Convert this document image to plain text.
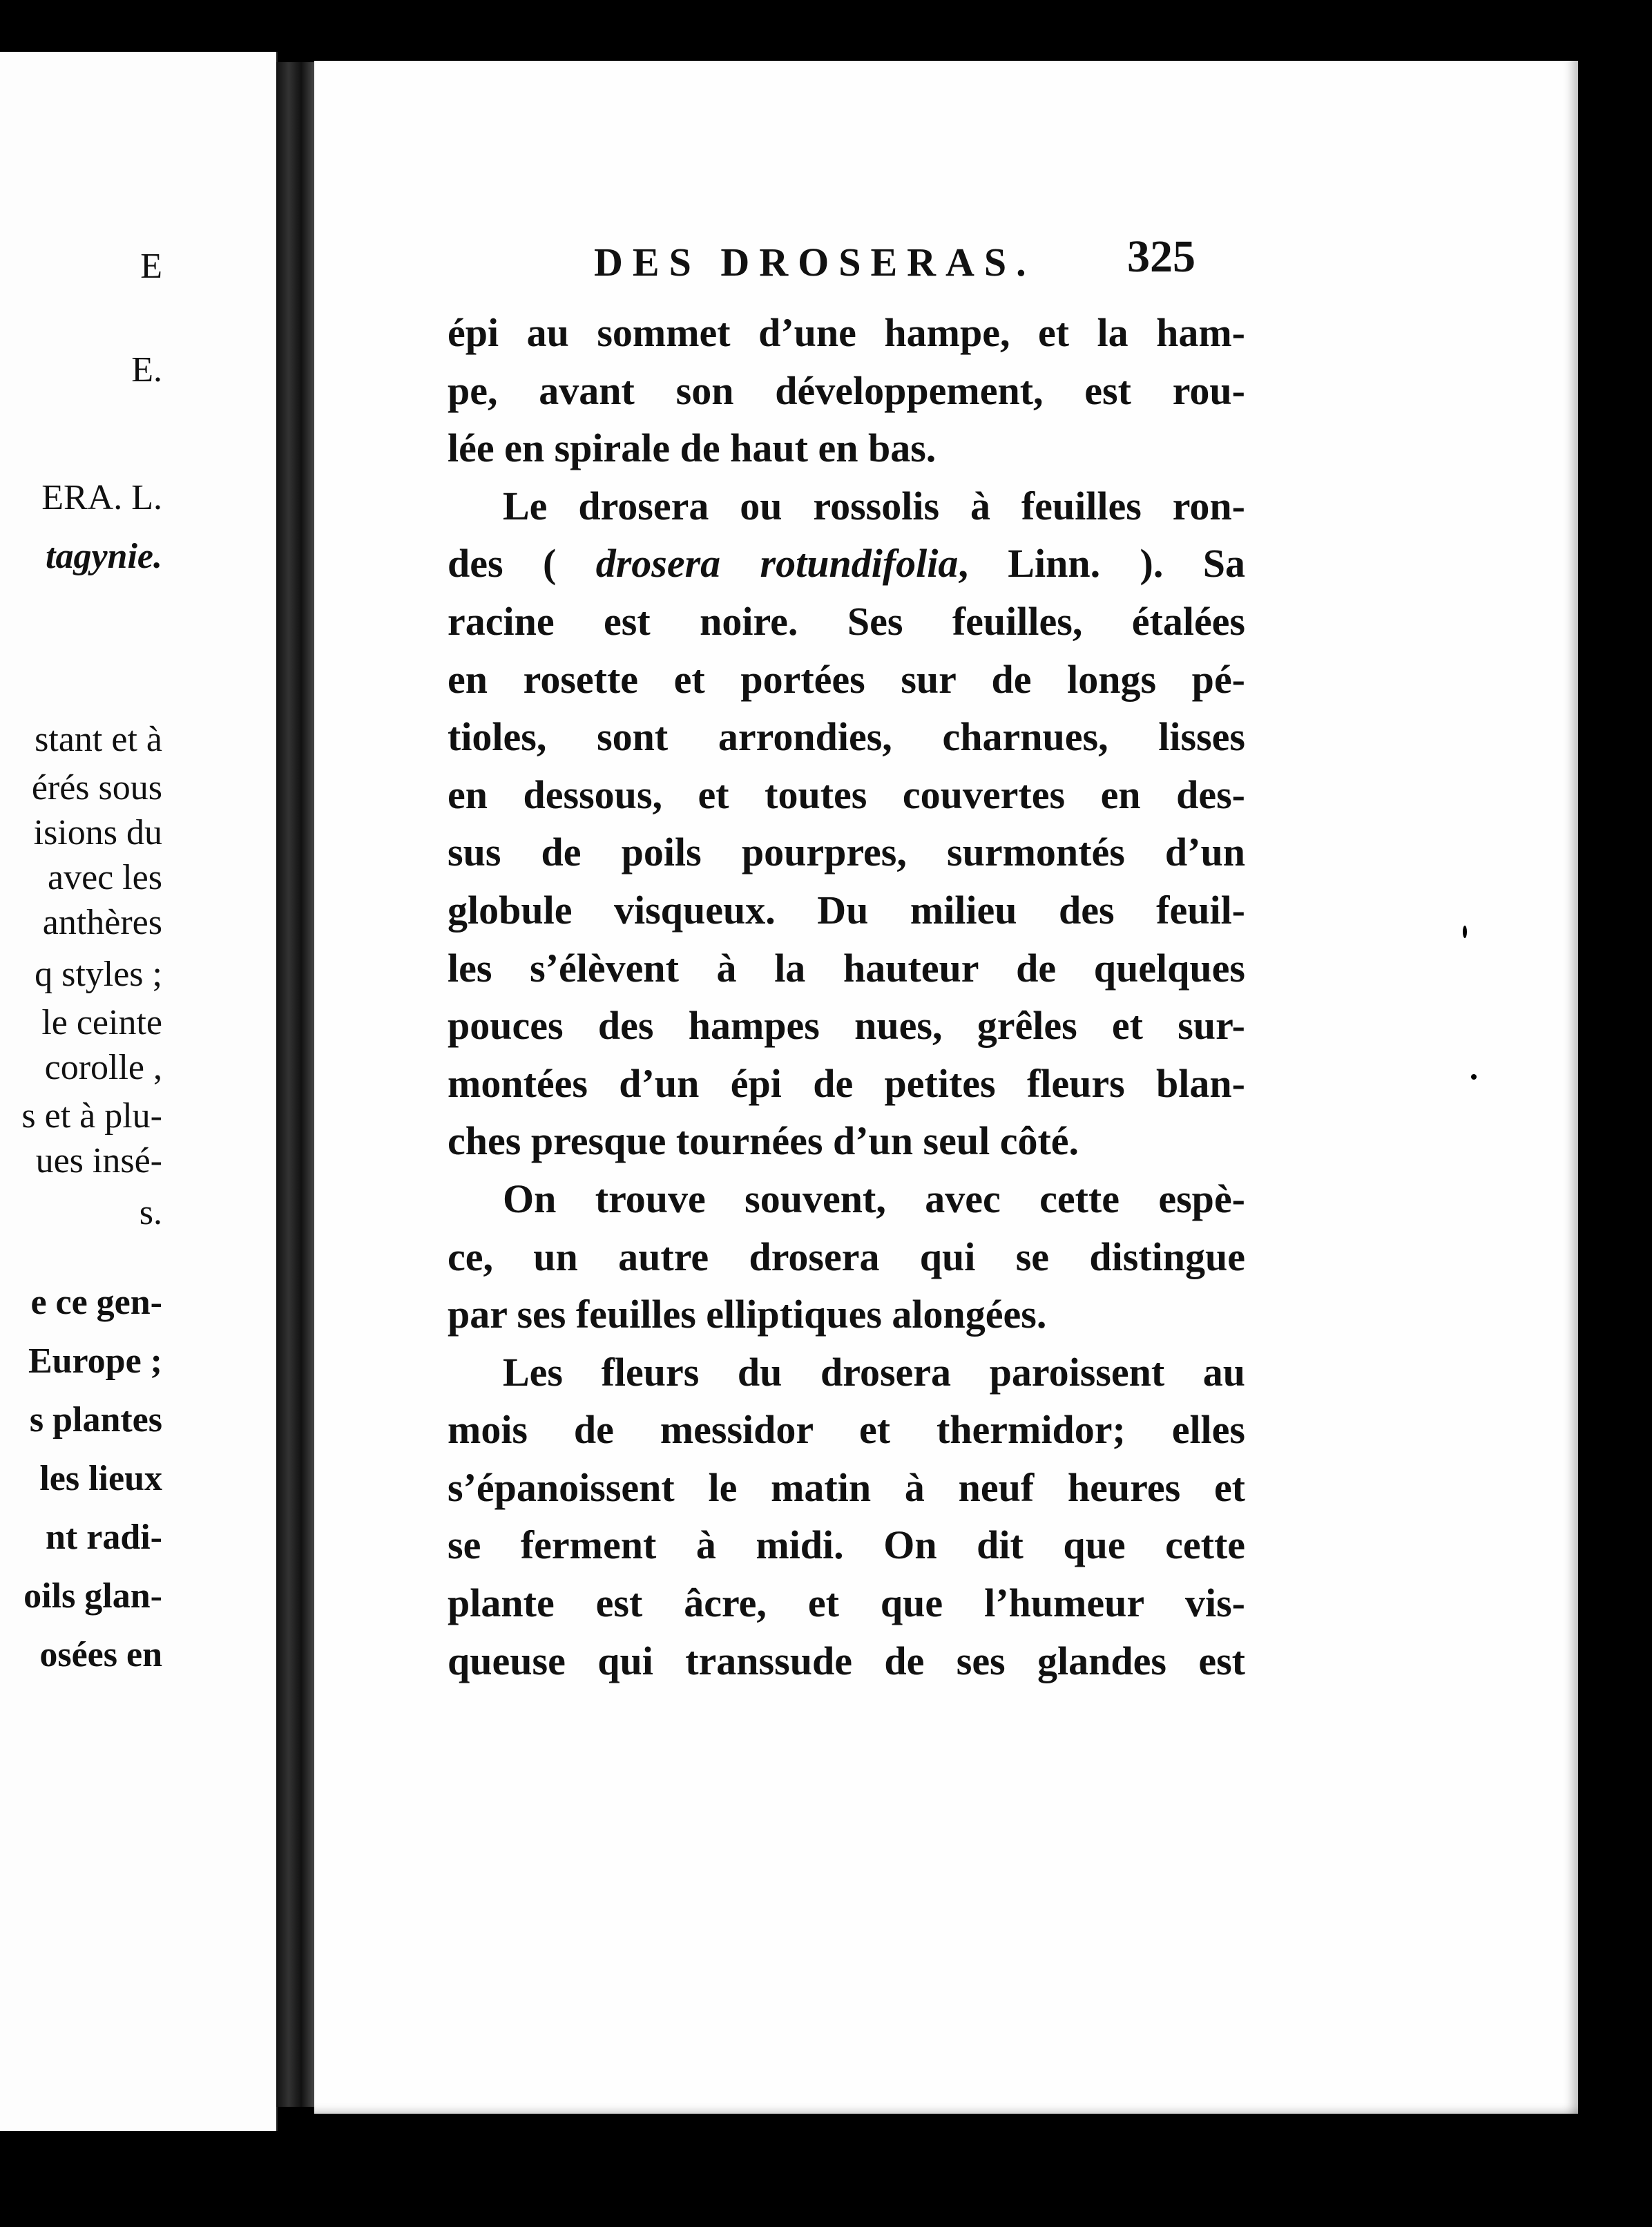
E
E.
ERA. L.
tagynie.
stant et à
érés sous
isions du
avec les
anthères
q styles ;
le ceinte
corolle ,
s et à plu-
ues insé-
s.
e ce gen-
Europe ;
s plantes
les lieux
nt radi-
oils glan-
osées en
DES DROSERAS. 325
épi au sommet d’une hampe, et la ham-
pe, avant son développement, est rou-
lée en spirale de haut en bas.
Le drosera ou rossolis à feuilles ron-
des ( drosera rotundifolia, Linn. ). Sa
racine est noire. Ses feuilles, étalées
en rosette et portées sur de longs pé-
tioles, sont arrondies, charnues, lisses
en dessous, et toutes couvertes en des-
sus de poils pourpres, surmontés d’un
globule visqueux. Du milieu des feuil-
les s’élèvent à la hauteur de quelques
pouces des hampes nues, grêles et sur-
montées d’un épi de petites fleurs blan-
ches presque tournées d’un seul côté.
On trouve souvent, avec cette espè-
ce, un autre drosera qui se distingue
par ses feuilles elliptiques alongées.
Les fleurs du drosera paroissent au
mois de messidor et thermidor; elles
s’épanoissent le matin à neuf heures et
se ferment à midi. On dit que cette
plante est âcre, et que l’humeur vis-
queuse qui transsude de ses glandes est
